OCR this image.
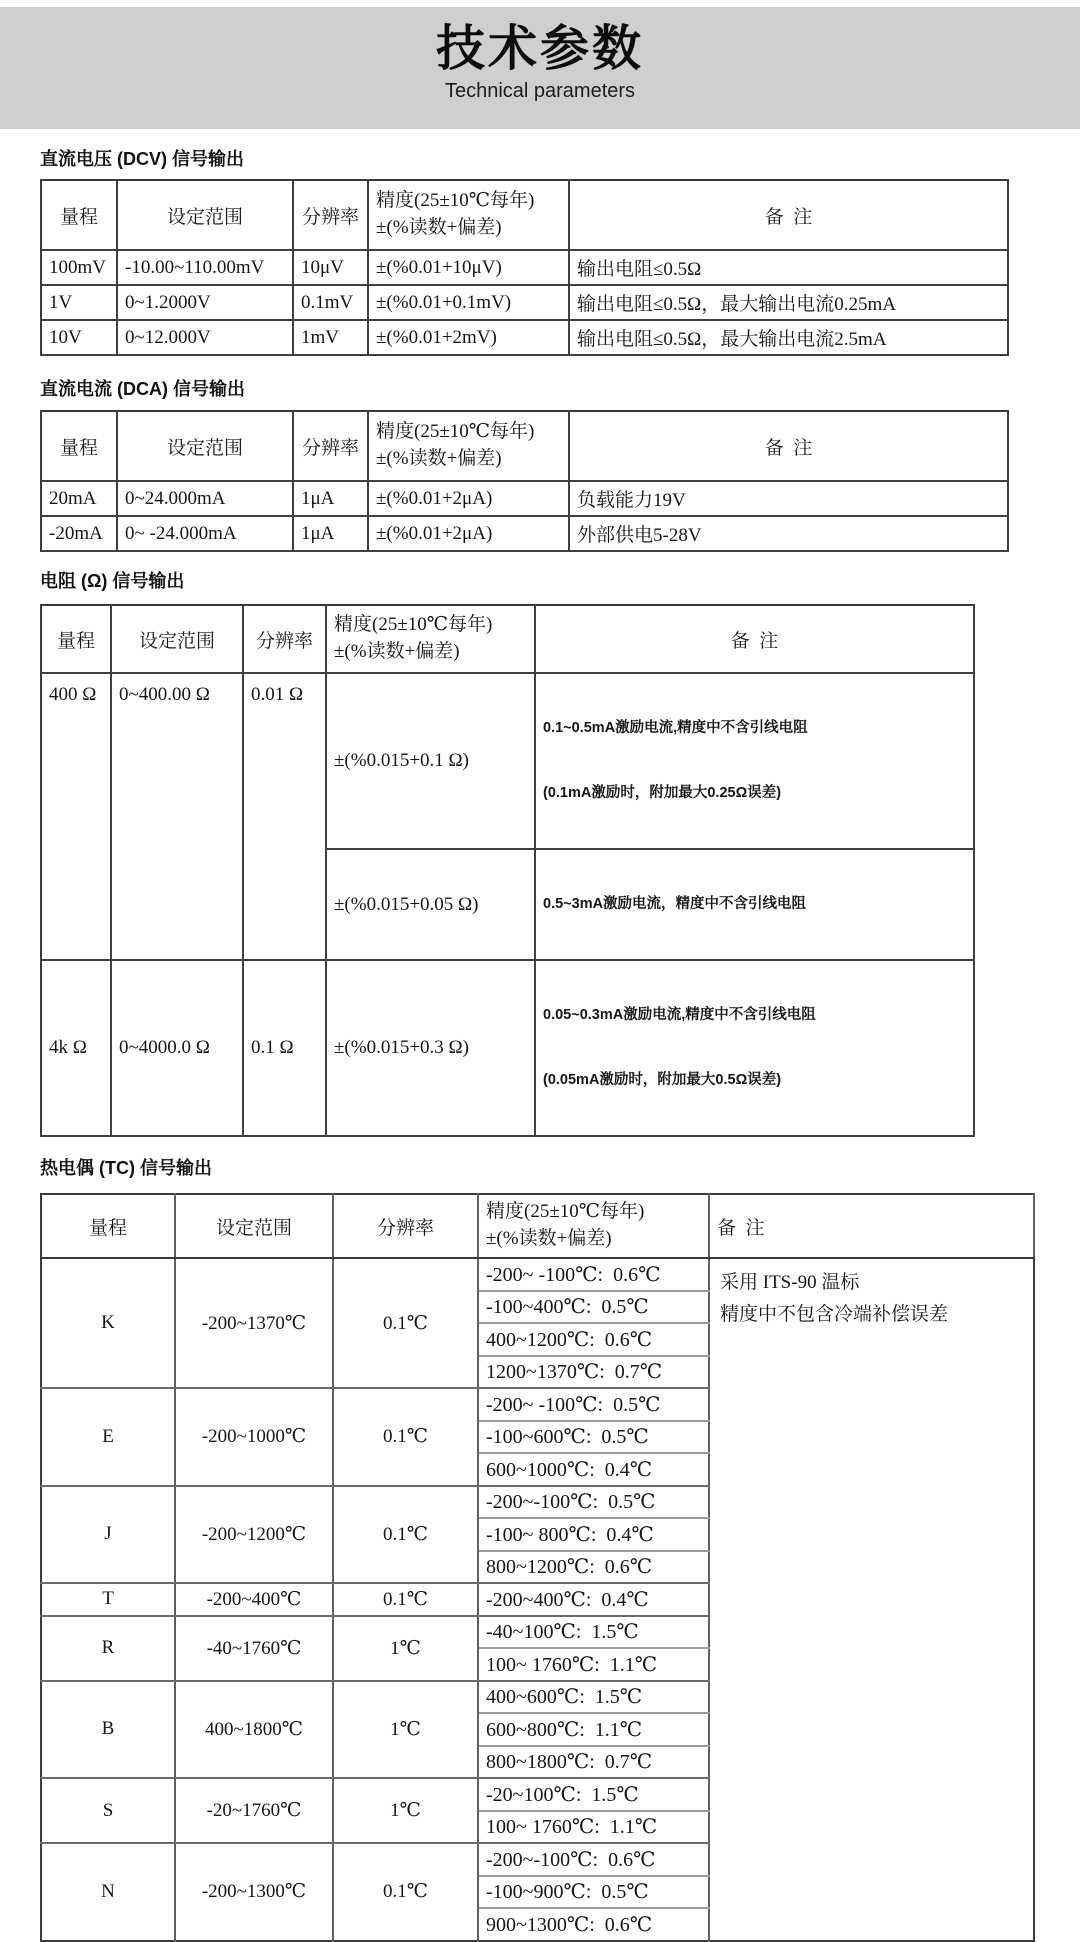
技术参数
Technical parameters
直流电压 (DCV) 信号输出
量程	设定范围	分辨率	精度(25±10℃每年)
±(%读数+偏差)	备  注
100mV	-10.00~110.00mV	10μV	±(%0.01+10μV)	输出电阻≤0.5Ω
1V	0~1.2000V	0.1mV	±(%0.01+0.1mV)	输出电阻≤0.5Ω，最大输出电流0.25mA
10V	0~12.000V	1mV	±(%0.01+2mV)	输出电阻≤0.5Ω，最大输出电流2.5mA
直流电流 (DCA) 信号输出
量程	设定范围	分辨率	精度(25±10℃每年)
±(%读数+偏差)	备  注
20mA	0~24.000mA	1μA	±(%0.01+2μA)	负载能力19V
-20mA	0~ -24.000mA	1μA	±(%0.01+2μA)	外部供电5-28V
电阻 (Ω) 信号输出
量程	设定范围	分辨率	精度(25±10℃每年)
±(%读数+偏差)	备  注
400 Ω	0~400.00 Ω	0.01 Ω	±(%0.015+0.1 Ω)	0.1~0.5mA激励电流,精度中不含引线电阻

(0.1mA激励时，附加最大0.25Ω误差)

			±(%0.015+0.05 Ω)	0.5~3mA激励电流，精度中不含引线电阻

4k Ω	0~4000.0 Ω	0.1 Ω	±(%0.015+0.3 Ω)	0.05~0.3mA激励电流,精度中不含引线电阻

(0.05mA激励时，附加最大0.5Ω误差)

热电偶 (TC) 信号输出
量程	设定范围	分辨率	精度(25±10℃每年)
±(%读数+偏差)	备  注
K	-200~1370℃	0.1℃	-200~ -100℃:  0.6℃	采用 ITS-90 温标
精度中不包含冷端补偿误差

			-100~400℃:  0.5℃	
			400~1200℃:  0.6℃	
			1200~1370℃:  0.7℃	
E	-200~1000℃	0.1℃	-200~ -100℃:  0.5℃	
			-100~600℃:  0.5℃	
			600~1000℃:  0.4℃	
J	-200~1200℃	0.1℃	-200~-100℃:  0.5℃	
			-100~ 800℃:  0.4℃	
			800~1200℃:  0.6℃	
T	-200~400℃	0.1℃	-200~400℃:  0.4℃	
R	-40~1760℃	1℃	-40~100℃:  1.5℃	
			100~ 1760℃:  1.1℃	
B	400~1800℃	1℃	400~600℃:  1.5℃	
			600~800℃:  1.1℃	
			800~1800℃:  0.7℃	
S	-20~1760℃	1℃	-20~100℃:  1.5℃	
			100~ 1760℃:  1.1℃	
N	-200~1300℃	0.1℃	-200~-100℃:  0.6℃	
			-100~900℃:  0.5℃	
			900~1300℃:  0.6℃	
